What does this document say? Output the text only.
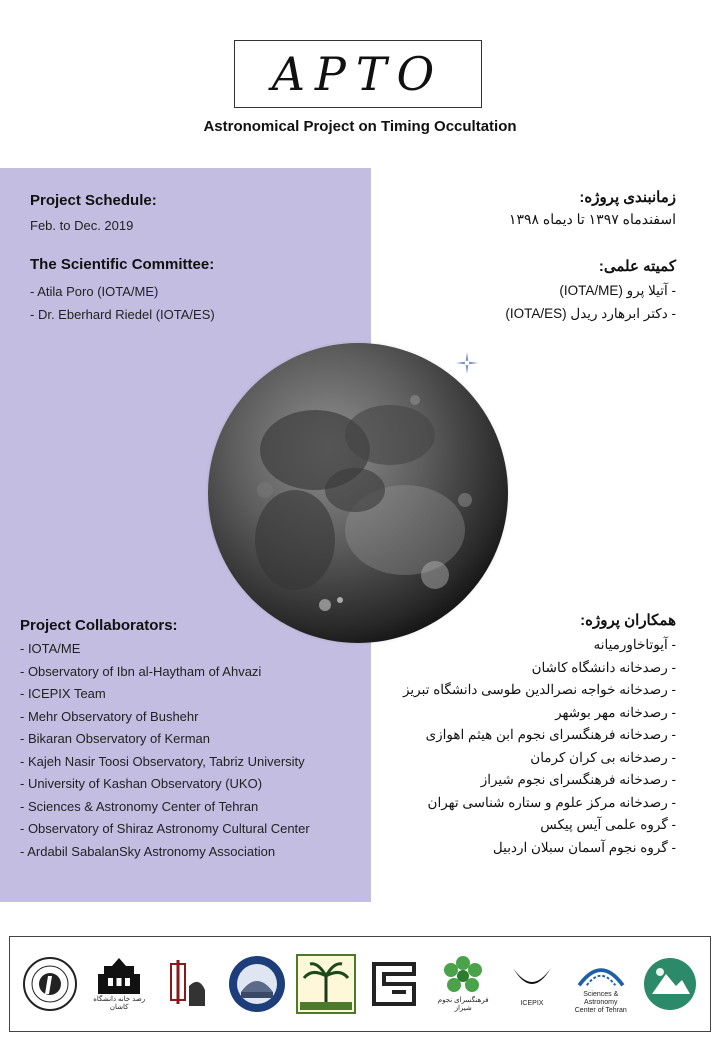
APTO
Astronomical Project on Timing Occultation
Project Schedule:
Feb. to Dec. 2019
The Scientific Committee:
- Atila Poro (IOTA/ME)
- Dr. Eberhard Riedel (IOTA/ES)
زمانبندی پروژه:
اسفندماه ۱۳۹۷ تا دیماه ۱۳۹۸
کمیته علمی:
- آتیلا پرو (IOTA/ME)
- دکتر ابرهارد ریدل (IOTA/ES)
Project Collaborators:
- IOTA/ME
- Observatory of Ibn al-Haytham of Ahvazi
- ICEPIX Team
- Mehr Observatory of Bushehr
- Bikaran Observatory of Kerman
- Kajeh Nasir Toosi Observatory, Tabriz University
- University of Kashan Observatory (UKO)
- Sciences & Astronomy Center of Tehran
- Observatory of Shiraz Astronomy Cultural Center
- Ardabil SabalanSky Astronomy Association
همکاران پروژه:
- آیوتاخاورمیانه
- رصدخانه دانشگاه کاشان
- رصدخانه خواجه نصرالدین طوسی دانشگاه تبریز
- رصدخانه مهر بوشهر
- رصدخانه فرهنگسرای نجوم ابن هیثم اهوازی
- رصدخانه بی کران کرمان
- رصدخانه فرهنگسرای نجوم شیراز
- رصدخانه مرکز علوم و ستاره شناسی تهران
- گروه علمی آیس پیکس
- گروه نجوم آسمان سبلان اردبیل
رصد خانه دانشگاه کاشان
فرهنگسرای نجوم شیراز
ICEPIX
Sciences & Astronomy Center of Tehran
